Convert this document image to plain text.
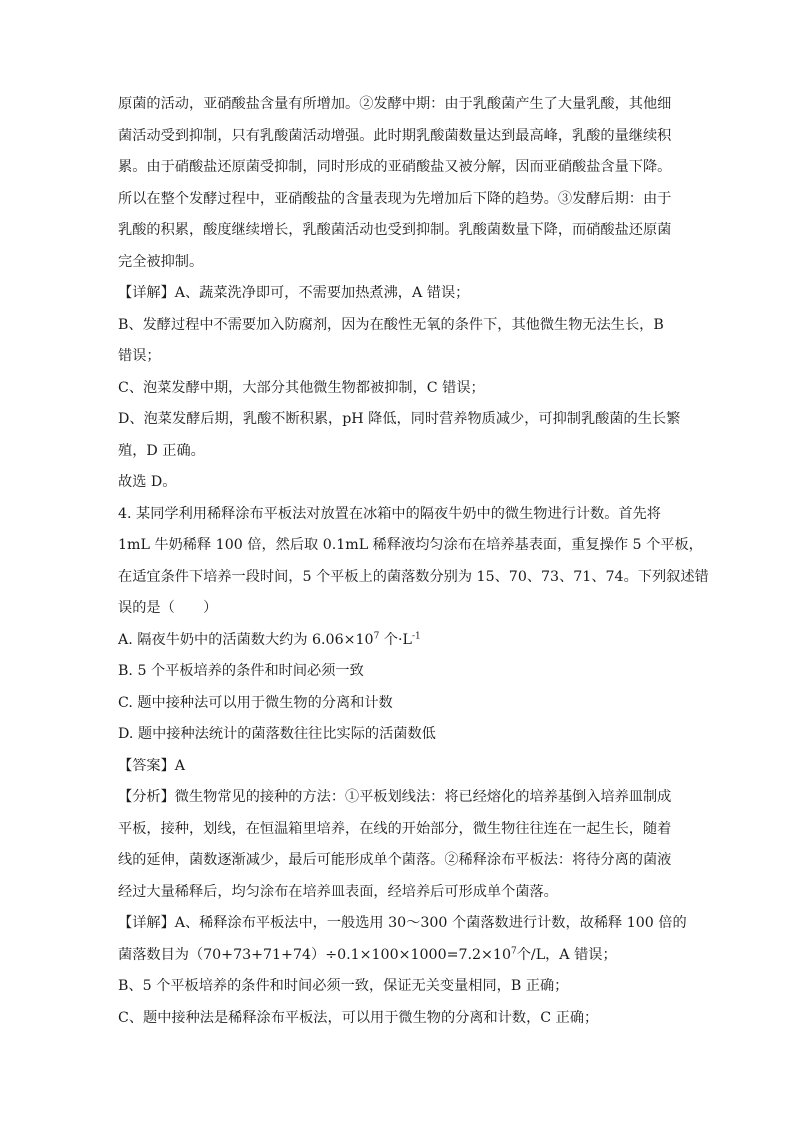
原菌的活动，亚硝酸盐含量有所增加。②发酵中期：由于乳酸菌产生了大量乳酸，其他细
菌活动受到抑制，只有乳酸菌活动增强。此时期乳酸菌数量达到最高峰，乳酸的量继续积
累。由于硝酸盐还原菌受抑制，同时形成的亚硝酸盐又被分解，因而亚硝酸盐含量下降。
所以在整个发酵过程中，亚硝酸盐的含量表现为先增加后下降的趋势。③发酵后期：由于
乳酸的积累，酸度继续增长，乳酸菌活动也受到抑制。乳酸菌数量下降，而硝酸盐还原菌
完全被抑制。
【详解】A、蔬菜洗净即可，不需要加热煮沸，A 错误；
B、发酵过程中不需要加入防腐剂，因为在酸性无氧的条件下，其他微生物无法生长，B
错误；
C、泡菜发酵中期，大部分其他微生物都被抑制，C 错误；
D、泡菜发酵后期，乳酸不断积累，pH 降低，同时营养物质减少，可抑制乳酸菌的生长繁
殖，D 正确。
故选 D。
4. 某同学利用稀释涂布平板法对放置在冰箱中的隔夜牛奶中的微生物进行计数。首先将
1mL 牛奶稀释 100 倍，然后取 0.1mL 稀释液均匀涂布在培养基表面，重复操作 5 个平板，
在适宜条件下培养一段时间，5 个平板上的菌落数分别为 15、70、73、71、74。下列叙述错
误的是（　　）
A. 隔夜牛奶中的活菌数大约为 $6.06\times 10^7$ 个$\cdot L^{-1}$
B. 5 个平板培养的条件和时间必须一致
C. 题中接种法可以用于微生物的分离和计数
D. 题中接种法统计的菌落数往往比实际的活菌数低
【答案】A
【分析】微生物常见的接种的方法：①平板划线法：将已经熔化的培养基倒入培养皿制成
平板，接种，划线，在恒温箱里培养，在线的开始部分，微生物往往连在一起生长，随着
线的延伸，菌数逐渐减少，最后可能形成单个菌落。②稀释涂布平板法：将待分离的菌液
经过大量稀释后，均匀涂布在培养皿表面，经培养后可形成单个菌落。
【详解】A、稀释涂布平板法中，一般选用 30～300 个菌落数进行计数，故稀释 100 倍的
菌落数目为$(70+73+71+74)\div 0.1\times 100\times 1000=7.2\times 10^7$个/L，A 错误；
B、5 个平板培养的条件和时间必须一致，保证无关变量相同，B 正确；
C、题中接种法是稀释涂布平板法，可以用于微生物的分离和计数，C 正确；
